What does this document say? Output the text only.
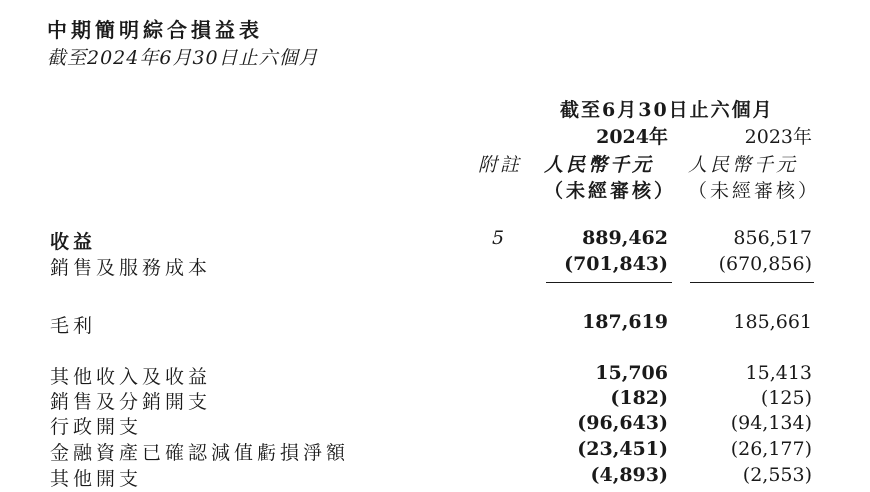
中期簡明綜合損益表
截至2024年6月30日止六個月
截至6月30日止六個月
2024年	2023年
附註 人民幣千元 人民幣千元
（未經審核） （未經審核）
收益	5	889,462	856,517
銷售及服務成本	(701,843)	(670,856)
毛利	187,619	185,661
其他收入及收益	15,706	15,413
銷售及分銷開支	(182)	(125)
行政開支	(96,643)	(94,134)
金融資產已確認減值虧損淨額	(23,451)	(26,177)
其他開支	(4,893)	(2,553)
